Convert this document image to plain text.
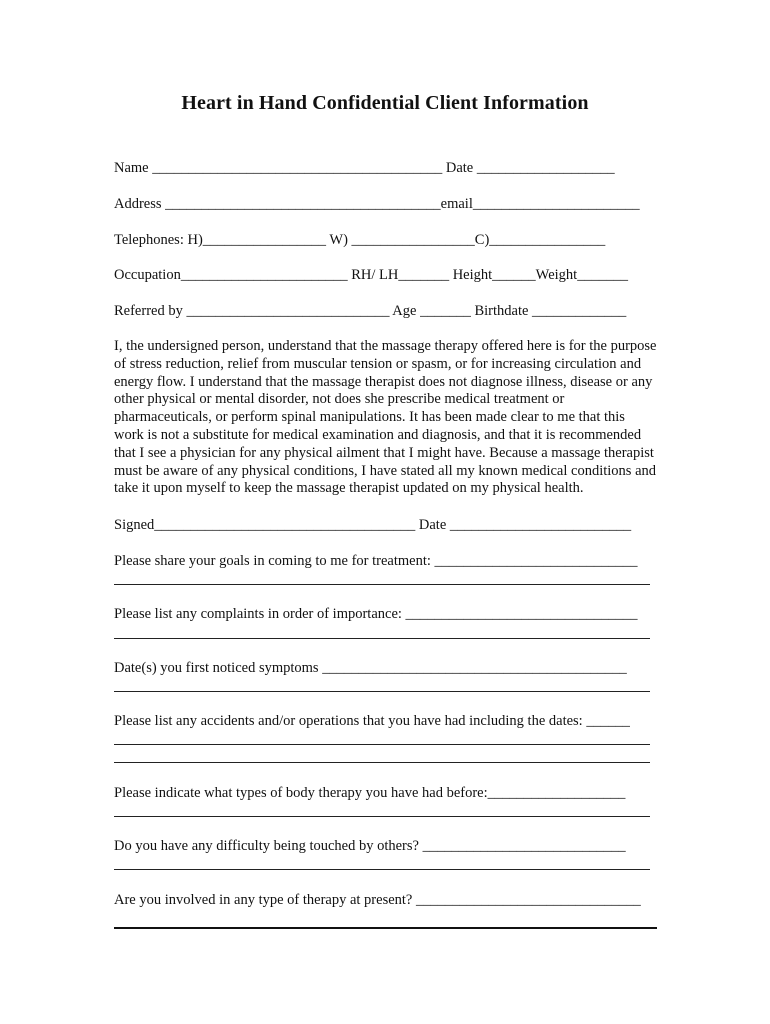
Heart in Hand Confidential Client Information
Name ________________________________________ Date ___________________
Address ______________________________________email_______________________
Telephones: H)_________________ W) _________________C)________________
Occupation_______________________ RH/ LH_______ Height______Weight_______
Referred by ____________________________ Age _______ Birthdate _____________
I, the undersigned person, understand that the massage therapy offered here is for the purpose of stress reduction, relief from muscular tension or spasm, or for increasing circulation and energy flow. I understand that the massage therapist does not diagnose illness, disease or any other physical or mental disorder, not does she prescribe medical treatment or pharmaceuticals, or perform spinal manipulations. It has been made clear to me that this work is not a substitute for medical examination and diagnosis, and that it is recommended that I see a physician for any physical ailment that I might have. Because a massage therapist must be aware of any physical conditions, I have stated all my known medical conditions and take it upon myself to keep the massage therapist updated on my physical health.
Signed____________________________________ Date _________________________
Please share your goals in coming to me for treatment: ____________________________
Please list any complaints in order of importance: ________________________________
Date(s) you first noticed symptoms __________________________________________
Please list any accidents and/or operations that you have had including the dates: ______
Please indicate what types of body therapy you have had before:___________________
Do you have any difficulty being touched by others? ____________________________
Are you involved in any type of therapy at present? _______________________________
